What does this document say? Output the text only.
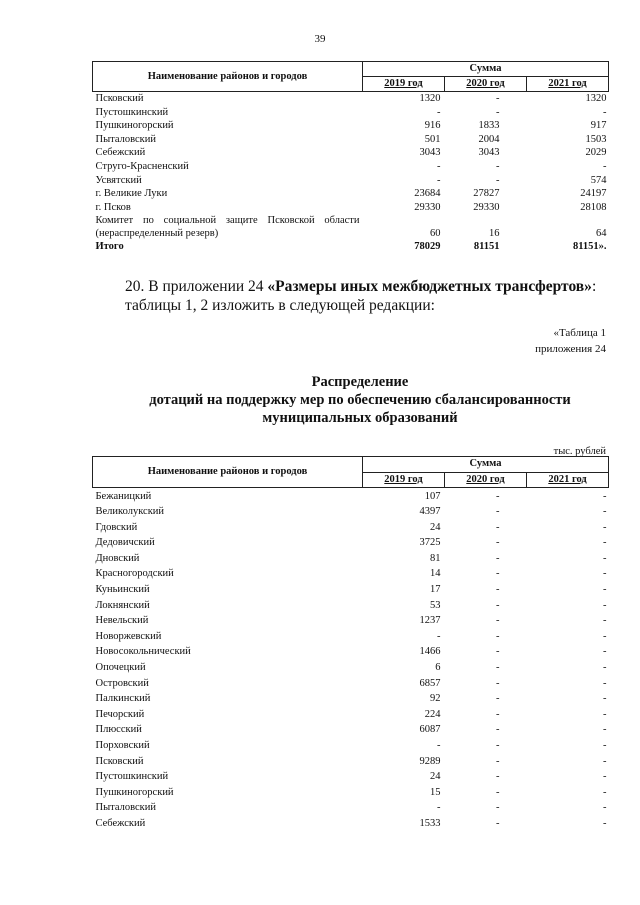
39
Наименование районов и городов	Сумма		
	2019 год	2020 год	2021 год
Псковский	1320	-	1320
Пустошкинский	-	-	-
Пушкиногорский	916	1833	917
Пыталовский	501	2004	1503
Себежский	3043	3043	2029
Струго-Красненский	-	-	-
Усвятский	-	-	574
г. Великие Луки	23684	27827	24197
г. Псков	29330	29330	28108
Комитет по социальной защите Псковской области (нераспределенный резерв)	60	16	64
Итого	78029	81151	81151».
20. В приложении 24 «Размеры иных межбюджетных трансфертов»: таблицы 1, 2 изложить в следующей редакции:
«Таблица 1
приложения 24
Распределение
дотаций на поддержку мер по обеспечению сбалансированности
муниципальных образований
тыс. рублей
Наименование районов и городов	Сумма		
	2019 год	2020 год	2021 год
Бежаницкий	107	-	-
Великолукский	4397	-	-
Гдовский	24	-	-
Дедовичский	3725	-	-
Дновский	81	-	-
Красногородский	14	-	-
Куньинский	17	-	-
Локнянский	53	-	-
Невельский	1237	-	-
Новоржевский	-	-	-
Новосокольнический	1466	-	-
Опочецкий	6	-	-
Островский	6857	-	-
Палкинский	92	-	-
Печорский	224	-	-
Плюсский	6087	-	-
Порховский	-	-	-
Псковский	9289	-	-
Пустошкинский	24	-	-
Пушкиногорский	15	-	-
Пыталовский	-	-	-
Себежский	1533	-	-
